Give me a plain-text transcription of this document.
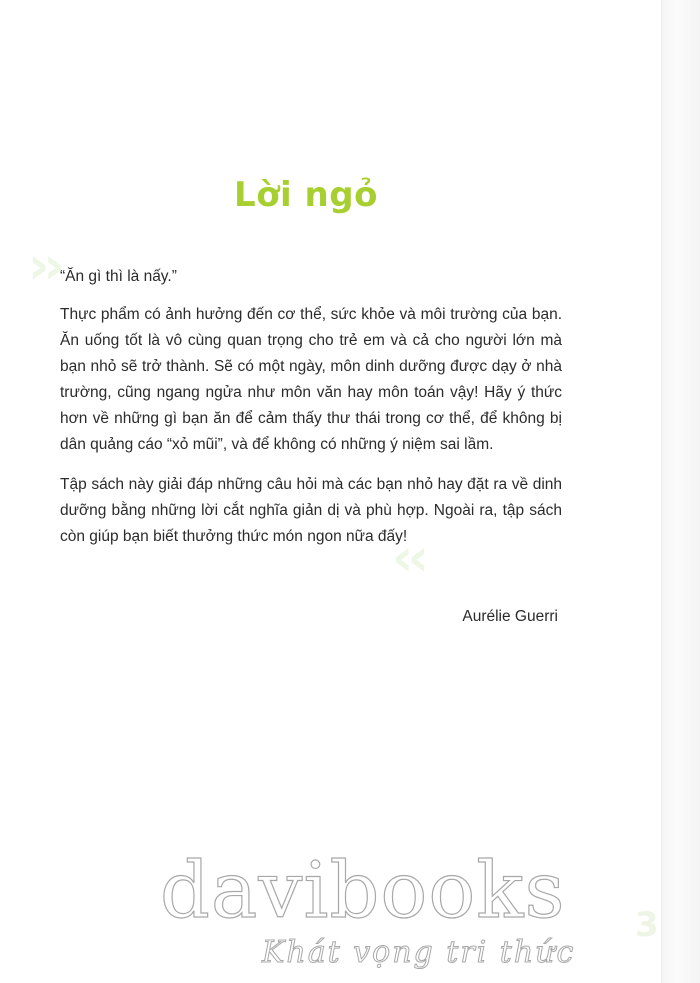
››
‹‹
Lời ngỏ

“Ăn gì thì là nấy.”

Thực phẩm có ảnh hưởng đến cơ thể, sức khỏe và môi trường của bạn. Ăn uống tốt là vô cùng quan trọng cho trẻ em và cả cho người lớn mà bạn nhỏ sẽ trở thành. Sẽ có một ngày, môn dinh dưỡng được dạy ở nhà trường, cũng ngang ngửa như môn văn hay môn toán vậy! Hãy ý thức hơn về những gì bạn ăn để cảm thấy thư thái trong cơ thể, để không bị dân quảng cáo “xỏ mũi”, và để không có những ý niệm sai lầm.

Tập sách này giải đáp những câu hỏi mà các bạn nhỏ hay đặt ra về dinh dưỡng bằng những lời cắt nghĩa giản dị và phù hợp. Ngoài ra, tập sách còn giúp bạn biết thưởng thức món ngon nữa đấy!

Aurélie Guerri
3
davibooks
Khát vọng tri thức
